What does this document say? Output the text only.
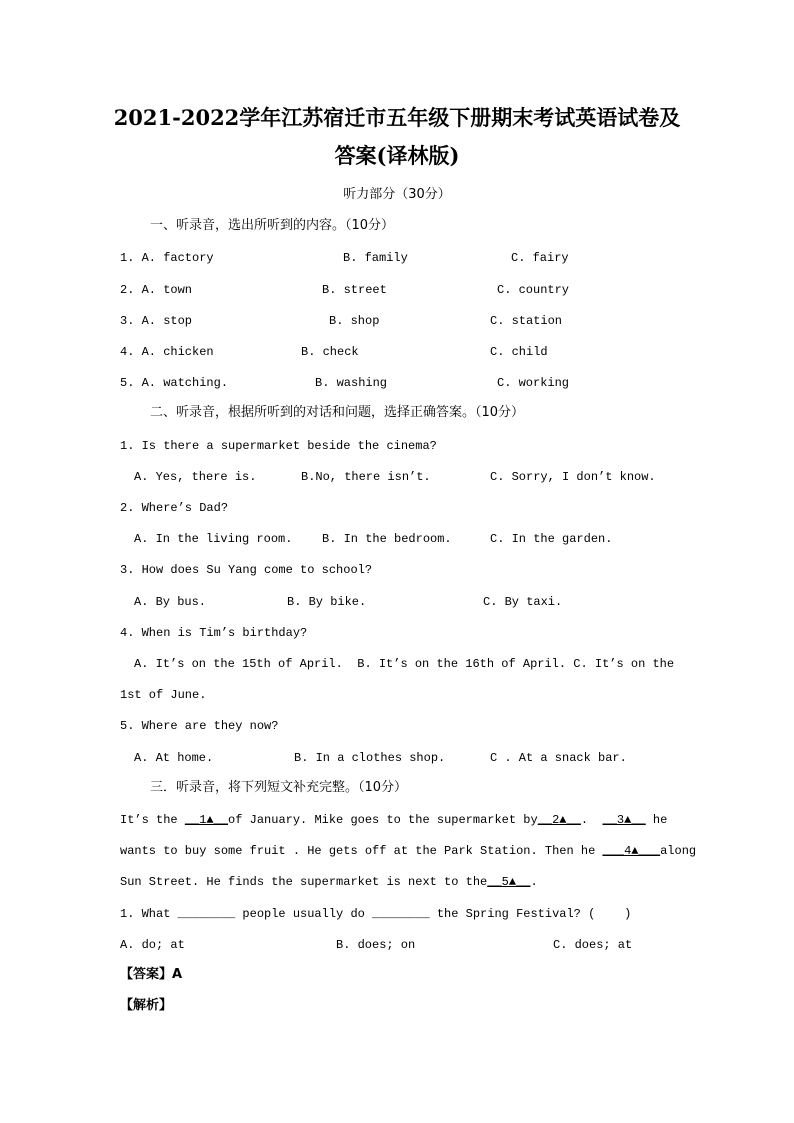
2021-2022学年江苏宿迁市五年级下册期末考试英语试卷及
答案(译林版)
听力部分（30分）
一、听录音，选出所听到的内容。（10分）
1. A. factory	B. family	C. fairy
2. A. town	B. street	C. country
3. A. stop	B. shop	C. station
4. A. chicken	B. check	C. child
5. A. watching.	B. washing	C. working
二、听录音，根据所听到的对话和问题，选择正确答案。（10分）
1. Is there a supermarket beside the cinema?
A. Yes, there is.	B.No, there isn’t.	C. Sorry, I don’t know.
2. Where’s Dad?
A. In the living room. B. In the bedroom.	C. In the garden.
3. How does Su Yang come to school?
A. By bus.	B. By bike.	C. By taxi.
4. When is Tim’s birthday?
A. It’s on the 15th of April.  B. It’s on the 16th of April. C. It’s on the
1st of June.
5. Where are they now?
A. At home.	B. In a clothes shop.	C . At a snack bar.
三．听录音，将下列短文补充完整。（10分）
It’s the __1▲__of January. Mike goes to the supermarket by__2▲__.  __3▲__ he
wants to buy some fruit . He gets off at the Park Station. Then he ___4▲___along
Sun Street. He finds the supermarket is next to the__5▲__.
1. What ________ people usually do ________ the Spring Festival? (    )
A. do; at	B. does; on	C. does; at
【答案】A
【解析】
